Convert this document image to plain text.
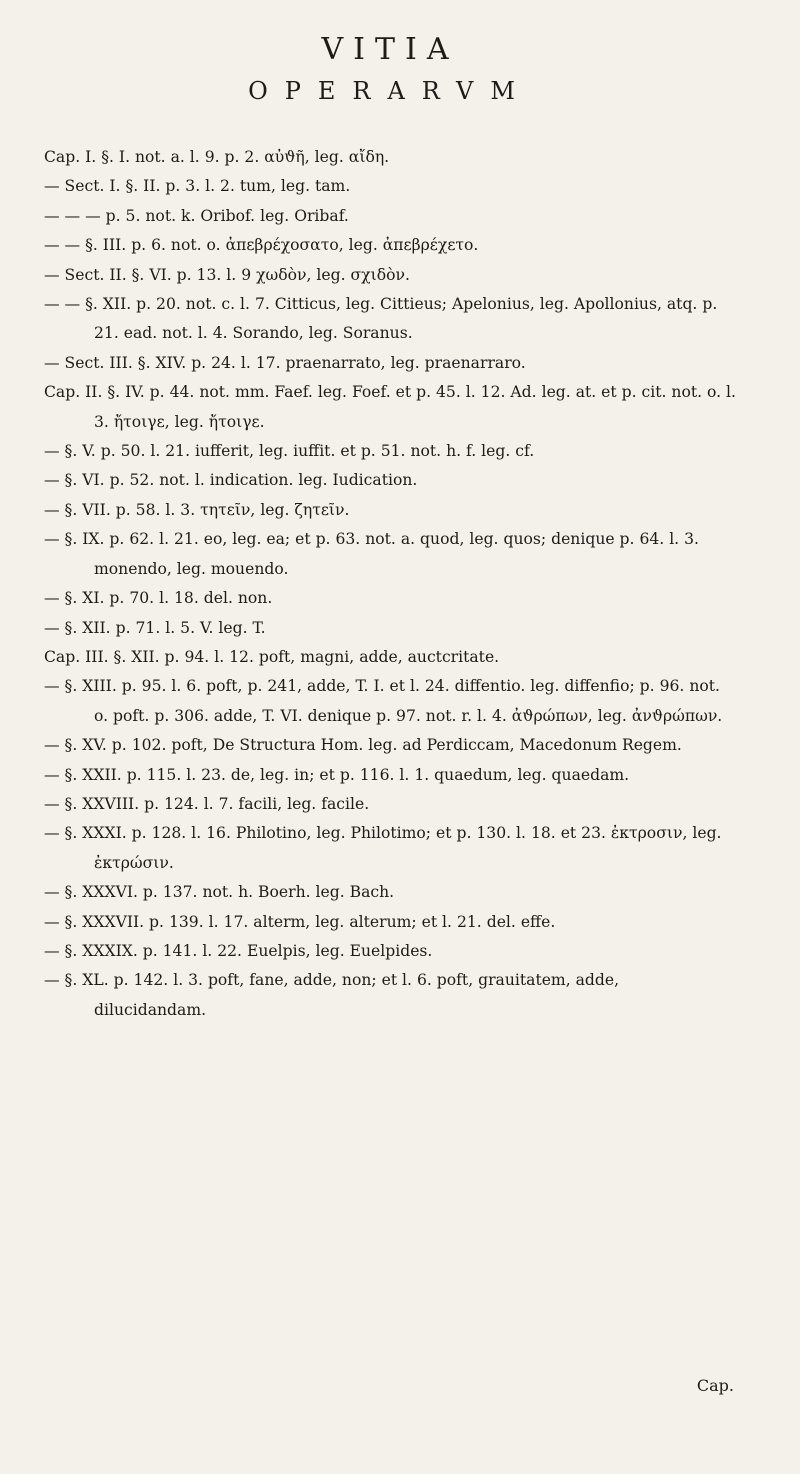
VITIA
OPERARVM
Cap. I. §. I. not. a. l. 9. p. 2. αὐϑῆ, leg. αἴδη.
— Sect. I. §. II. p. 3. l. 2. tum, leg. tam.
— — — p. 5. not. k. Oribof. leg. Oribaf.
— — §. III. p. 6. not. o. ἀπεβρέχοσατο, leg. ἀπεβρέχετο.
— Sect. II. §. VI. p. 13. l. 9 χωδὸν, leg. σχιδὸν.
— — §. XII. p. 20. not. c. l. 7. Citticus, leg. Cittieus; Apelonius, leg. Apollonius, atq. p. 21. ead. not. l. 4. Sorando, leg. Soranus.
— Sect. III. §. XIV. p. 24. l. 17. praenarrato, leg. praenarraro.
Cap. II. §. IV. p. 44. not. mm. Faef. leg. Foef. et p. 45. l. 12. Ad. leg. at. et p. cit. not. o. l. 3. ἤτοιγε, leg. ἤτοιγε.
— §. V. p. 50. l. 21. iufferit, leg. iuffit. et p. 51. not. h. f. leg. cf.
— §. VI. p. 52. not. l. indication. leg. Iudication.
— §. VII. p. 58. l. 3. τητεῖν, leg. ζητεῖν.
— §. IX. p. 62. l. 21. eo, leg. ea; et p. 63. not. a. quod, leg. quos; denique p. 64. l. 3. monendo, leg. mouendo.
— §. XI. p. 70. l. 18. del. non.
— §. XII. p. 71. l. 5. V. leg. T.
Cap. III. §. XII. p. 94. l. 12. poft, magni, adde, auctcritate.
— §. XIII. p. 95. l. 6. poft, p. 241, adde, T. I. et l. 24. diffentio. leg. diffenfio; p. 96. not. o. poft. p. 306. adde, T. VI. denique p. 97. not. r. l. 4. ἀϑρώπων, leg. ἀνϑρώπων.
— §. XV. p. 102. poft, De Structura Hom. leg. ad Perdiccam, Macedonum Regem.
— §. XXII. p. 115. l. 23. de, leg. in; et p. 116. l. 1. quaedum, leg. quaedam.
— §. XXVIII. p. 124. l. 7. facili, leg. facile.
— §. XXXI. p. 128. l. 16. Philotino, leg. Philotimo; et p. 130. l. 18. et 23. ἐκτροσιν, leg. ἐκτρώσιν.
— §. XXXVI. p. 137. not. h. Boerh. leg. Bach.
— §. XXXVII. p. 139. l. 17. alterm, leg. alterum; et l. 21. del. effe.
— §. XXXIX. p. 141. l. 22. Euelpis, leg. Euelpides.
— §. XL. p. 142. l. 3. poft, fane, adde, non; et l. 6. poft, grauitatem, adde, dilucidandam.
Cap.
